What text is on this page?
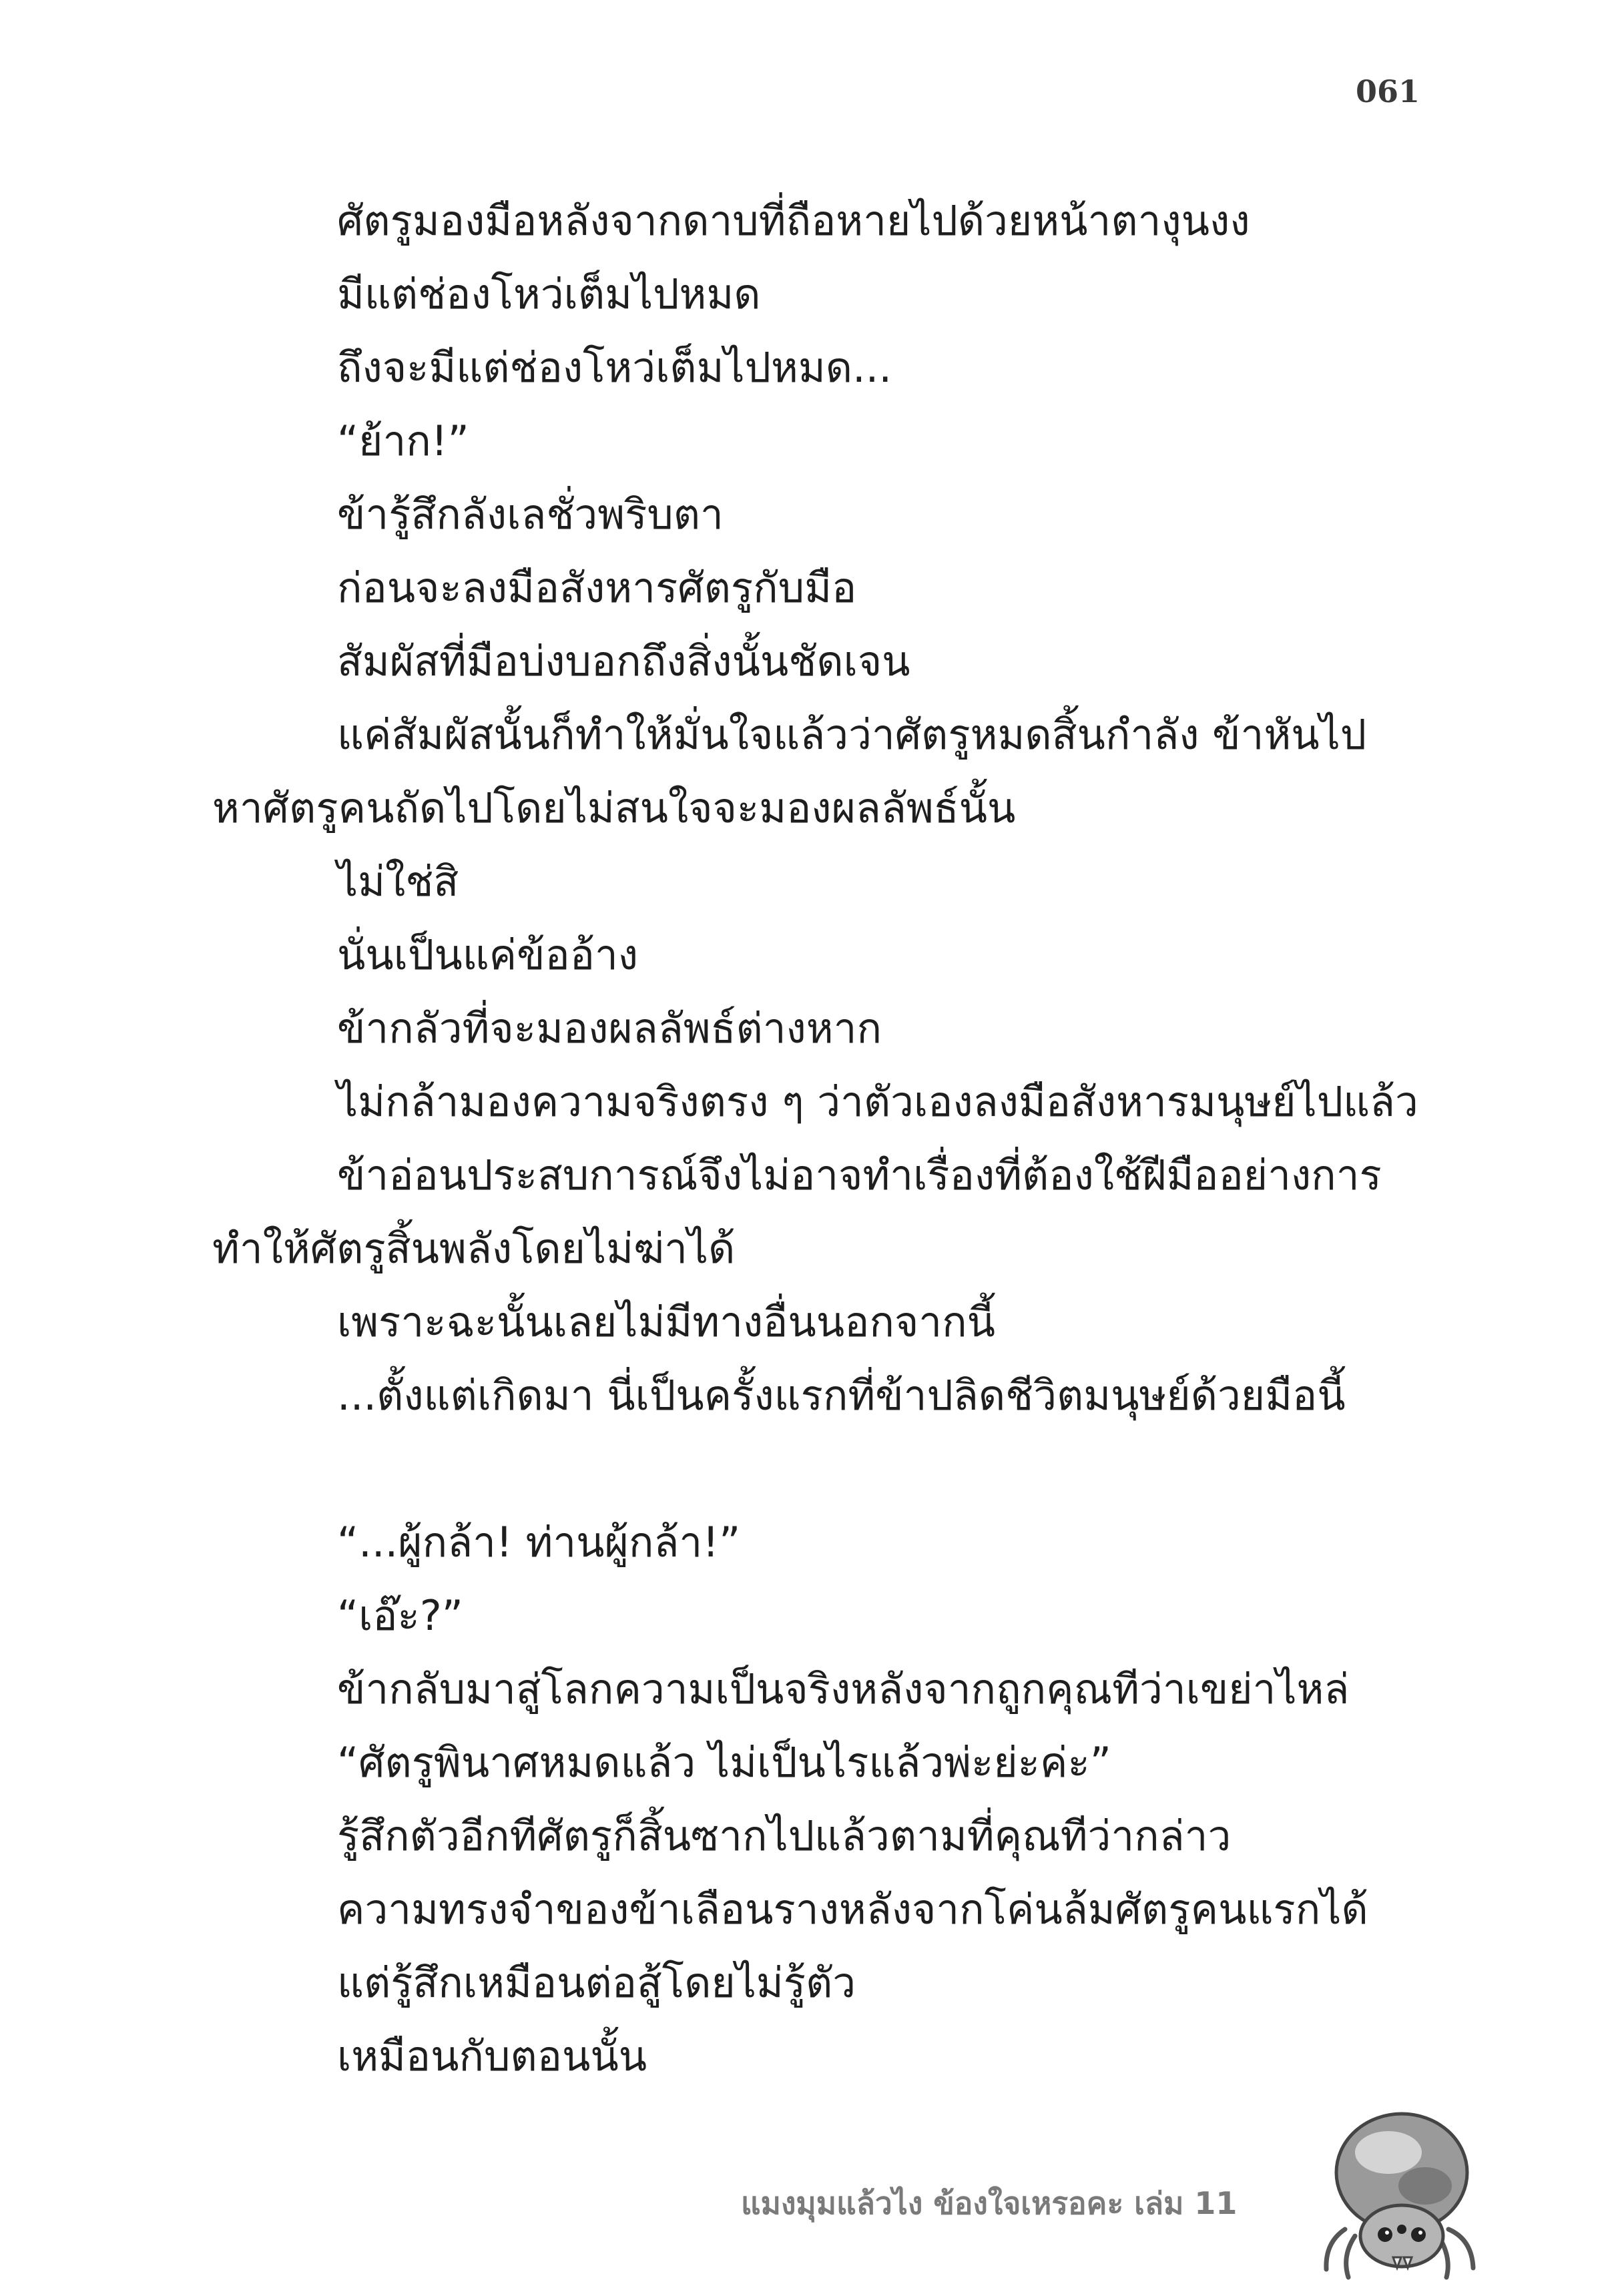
061
ศัตรูมองมือหลังจากดาบที่ถือหายไปด้วยหน้าตางุนงง
มีแต่ช่องโหว่เต็มไปหมด
ถึงจะมีแต่ช่องโหว่เต็มไปหมด...
“ย้าก!”
ข้ารู้สึกลังเลชั่วพริบตา
ก่อนจะลงมือสังหารศัตรูกับมือ
สัมผัสที่มือบ่งบอกถึงสิ่งนั้นชัดเจน
แค่สัมผัสนั้นก็ทำให้มั่นใจแล้วว่าศัตรูหมดสิ้นกำลัง ข้าหันไป
หาศัตรูคนถัดไปโดยไม่สนใจจะมองผลลัพธ์นั้น
ไม่ใช่สิ
นั่นเป็นแค่ข้ออ้าง
ข้ากลัวที่จะมองผลลัพธ์ต่างหาก
ไม่กล้ามองความจริงตรง ๆ ว่าตัวเองลงมือสังหารมนุษย์ไปแล้ว
ข้าอ่อนประสบการณ์จึงไม่อาจทำเรื่องที่ต้องใช้ฝีมืออย่างการ
ทำให้ศัตรูสิ้นพลังโดยไม่ฆ่าได้
เพราะฉะนั้นเลยไม่มีทางอื่นนอกจากนี้
...ตั้งแต่เกิดมา นี่เป็นครั้งแรกที่ข้าปลิดชีวิตมนุษย์ด้วยมือนี้
“...ผู้กล้า! ท่านผู้กล้า!”
“เอ๊ะ?”
ข้ากลับมาสู่โลกความเป็นจริงหลังจากถูกคุณทีว่าเขย่าไหล่
“ศัตรูพินาศหมดแล้ว ไม่เป็นไรแล้วพ่ะย่ะค่ะ”
รู้สึกตัวอีกทีศัตรูก็สิ้นซากไปแล้วตามที่คุณทีว่ากล่าว
ความทรงจำของข้าเลือนรางหลังจากโค่นล้มศัตรูคนแรกได้
แต่รู้สึกเหมือนต่อสู้โดยไม่รู้ตัว
เหมือนกับตอนนั้น
แมงมุมแล้วไง ข้องใจเหรอคะ เล่ม 11
